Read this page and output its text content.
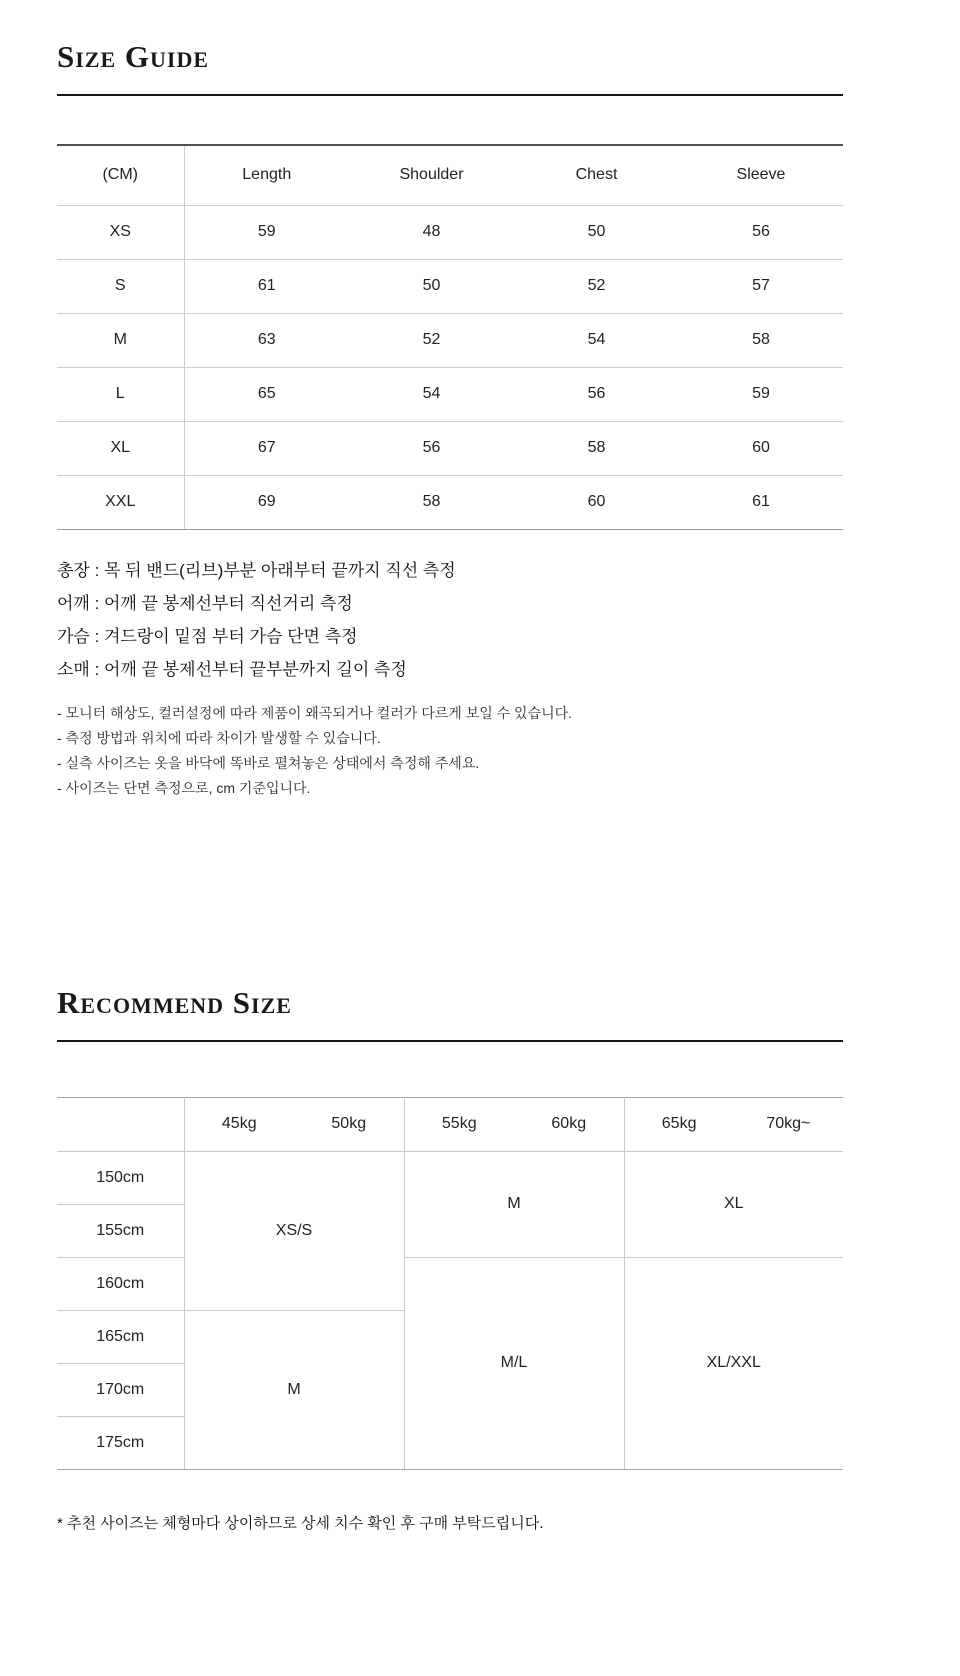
Size Guide
(CM)	Length	Shoulder	Chest	Sleeve
XS	59	48	50	56
S	61	50	52	57
M	63	52	54	58
L	65	54	56	59
XL	67	56	58	60
XXL	69	58	60	61

총장 : 목 뒤 밴드(리브)부분 아래부터 끝까지 직선 측정

어깨 : 어깨 끝 봉제선부터 직선거리 측정

가슴 : 겨드랑이 밑점 부터 가슴 단면 측정

소매 : 어깨 끝 봉제선부터 끝부분까지 길이 측정

- 모니터 해상도, 컬러설정에 따라 제품이 왜곡되거나 컬러가 다르게 보일 수 있습니다.

- 측정 방법과 위치에 따라 차이가 발생할 수 있습니다.

- 실측 사이즈는 옷을 바닥에 똑바로 펼쳐놓은 상태에서 측정해 주세요.

- 사이즈는 단면 측정으로, cm 기준입니다.

Recommend Size

	45kg 50kg	55kg 60kg	65kg 70kg~

150cm	XS/S	M	XL
155cm			
160cm		M/L	XL/XXL
165cm	M		
170cm			
175cm			

* 추천 사이즈는 체형마다 상이하므로 상세 치수 확인 후 구매 부탁드립니다.
